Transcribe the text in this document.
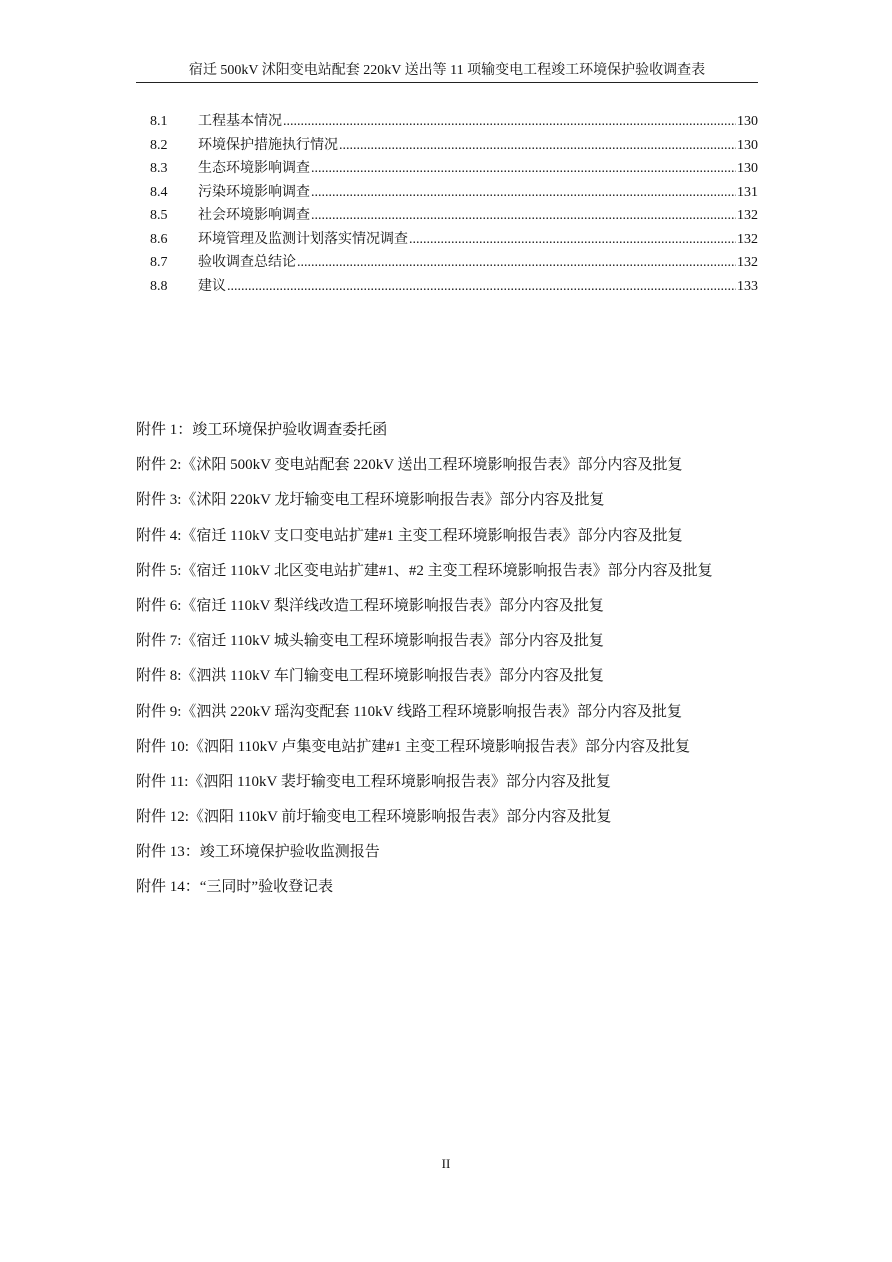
宿迁 500kV 沭阳变电站配套 220kV 送出等 11 项输变电工程竣工环境保护验收调查表
8.1	工程基本情况 .....	130
8.2	环境保护措施执行情况 .....	130
8.3	生态环境影响调查 .....	130
8.4	污染环境影响调查 .....	131
8.5	社会环境影响调查 .....	132
8.6	环境管理及监测计划落实情况调查 .....	132
8.7	验收调查总结论 .....	132
8.8	建议 .....	133
附件 1：竣工环境保护验收调查委托函
附件 2:《沭阳 500kV 变电站配套 220kV 送出工程环境影响报告表》部分内容及批复
附件 3:《沭阳 220kV 龙圩输变电工程环境影响报告表》部分内容及批复
附件 4:《宿迁 110kV 支口变电站扩建#1 主变工程环境影响报告表》部分内容及批复
附件 5:《宿迁 110kV 北区变电站扩建#1、#2 主变工程环境影响报告表》部分内容及批复
附件 6:《宿迁 110kV 梨洋线改造工程环境影响报告表》部分内容及批复
附件 7:《宿迁 110kV 城头输变电工程环境影响报告表》部分内容及批复
附件 8:《泗洪 110kV 车门输变电工程环境影响报告表》部分内容及批复
附件 9:《泗洪 220kV 瑶沟变配套 110kV 线路工程环境影响报告表》部分内容及批复
附件 10:《泗阳 110kV 卢集变电站扩建#1 主变工程环境影响报告表》部分内容及批复
附件 11:《泗阳 110kV 裴圩输变电工程环境影响报告表》部分内容及批复
附件 12:《泗阳 110kV 前圩输变电工程环境影响报告表》部分内容及批复
附件 13：竣工环境保护验收监测报告
附件 14：“三同时”验收登记表
II
